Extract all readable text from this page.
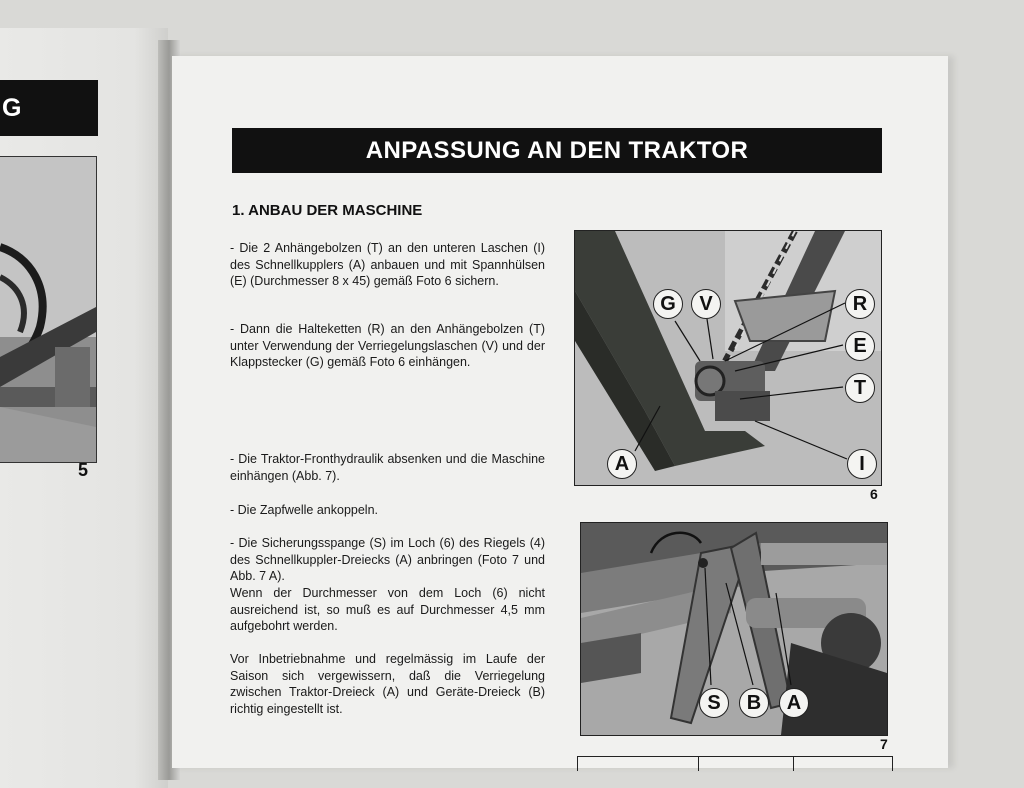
G
5
ANPASSUNG AN DEN TRAKTOR
1. ANBAU DER MASCHINE
- Die 2 Anhängebolzen (T) an den unteren Laschen (I) des Schnellkupplers (A) anbauen und mit Spannhülsen (E) (Durchmesser 8 x 45) gemäß Foto 6 sichern.
- Dann die Halteketten (R) an den Anhängebolzen (T) unter Verwendung der Verriegelungslaschen (V) und der Klappstecker (G) gemäß Foto 6 einhängen.
- Die Traktor-Fronthydraulik absenken und die Maschine einhängen (Abb. 7).
- Die Zapfwelle ankoppeln.
- Die Sicherungsspange (S) im Loch (6) des Riegels (4) des Schnellkuppler-Dreiecks (A) anbringen (Foto 7 und Abb. 7 A).
Wenn der Durchmesser von dem Loch (6) nicht ausreichend ist, so muß es auf Durchmesser 4,5 mm aufgebohrt werden.
Vor Inbetriebnahme und regelmässig im Laufe der Saison sich vergewissern, daß die Verriegelung zwischen Traktor-Dreieck (A) und Geräte-Dreieck (B) richtig eingestellt ist.
G	V	R
E
T
A	I
6
S	B	A
7
